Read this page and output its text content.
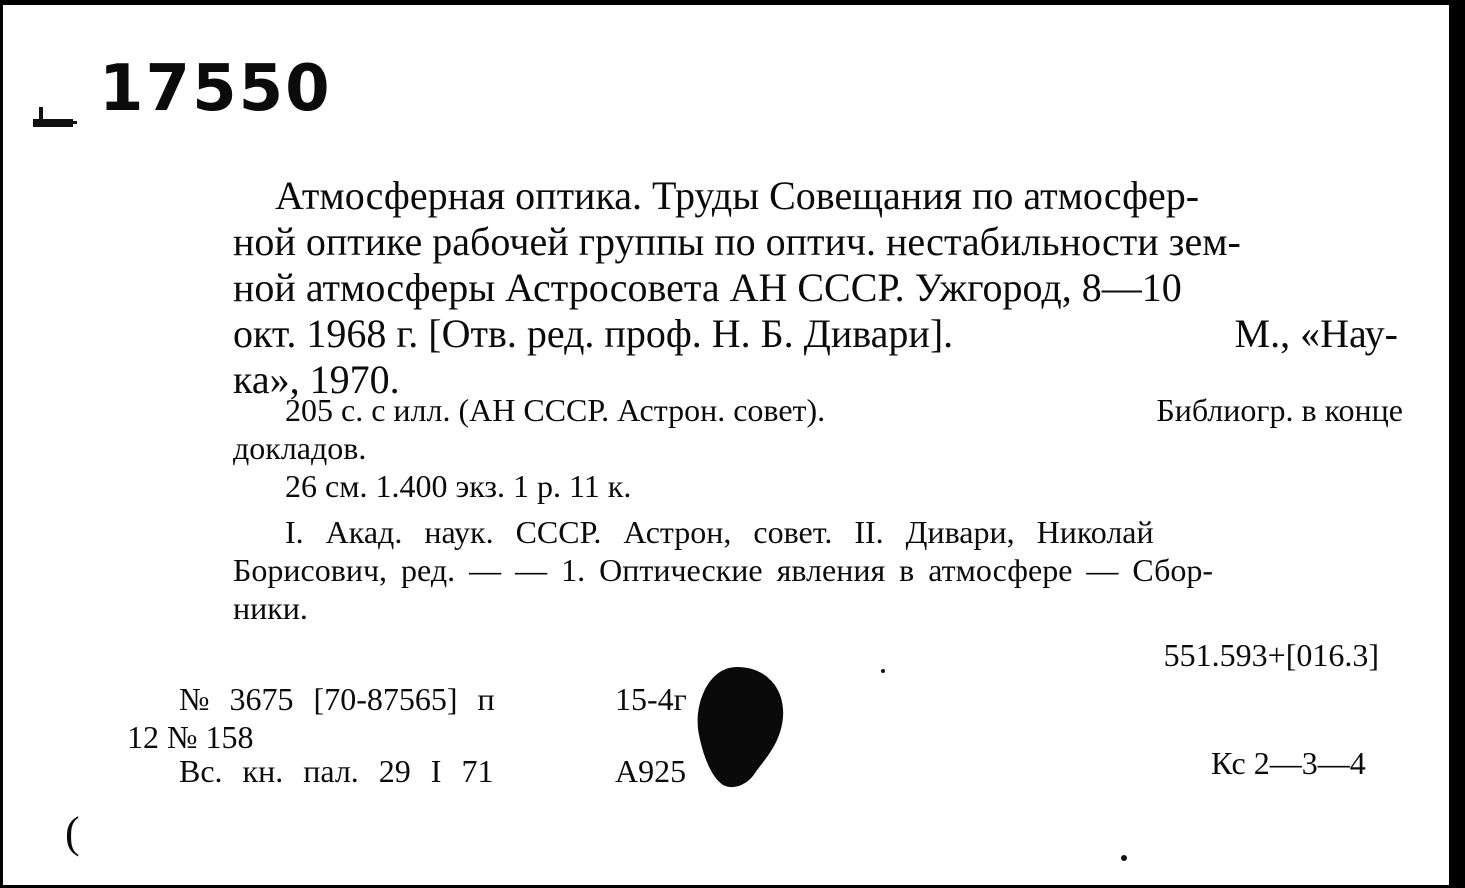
17550
Атмосферная оптика. Труды Совещания по атмосфер-
ной оптике рабочей группы по оптич. нестабильности зем-
ной атмосферы Астросовета АН СССР. Ужгород, 8—10
окт. 1968 г. [Отв. ред. проф. Н. Б. Дивари].	М., «Нау-
ка», 1970.
205 с. с илл. (АН СССР. Астрон. совет).	Библиогр. в конце
докладов.
26 см. 1.400 экз. 1 р. 11 к.
I. Акад. наук. СССР. Астрон, совет. II. Дивари, Николай
Борисович, ред. — — 1. Оптические явления в атмосфере — Сбор-
ники.
551.593+[016.3]
№ 3675 [70-87565] п	15-4г
12 № 158
Вс. кн. пал. 29 I 71	А925	Кс 2—3—4
(
